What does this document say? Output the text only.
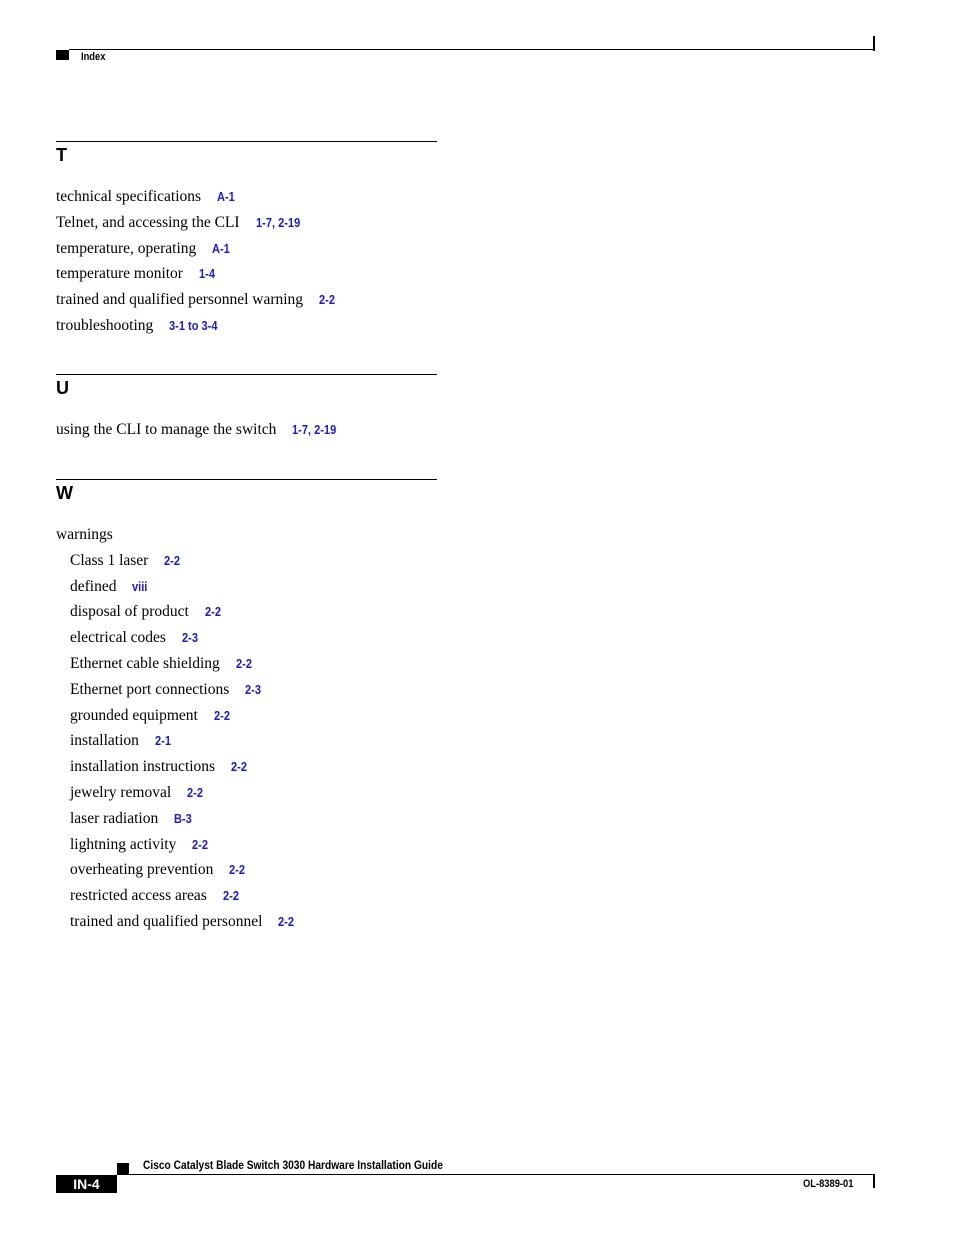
Index
T
technical specifications A-1
Telnet, and accessing the CLI 1-7, 2-19
temperature, operating A-1
temperature monitor 1-4
trained and qualified personnel warning 2-2
troubleshooting 3-1 to 3-4
U
using the CLI to manage the switch 1-7, 2-19
W
warnings
Class 1 laser 2-2
defined viii
disposal of product 2-2
electrical codes 2-3
Ethernet cable shielding 2-2
Ethernet port connections 2-3
grounded equipment 2-2
installation 2-1
installation instructions 2-2
jewelry removal 2-2
laser radiation B-3
lightning activity 2-2
overheating prevention 2-2
restricted access areas 2-2
trained and qualified personnel 2-2
Cisco Catalyst Blade Switch 3030 Hardware Installation Guide
IN-4	OL-8389-01
